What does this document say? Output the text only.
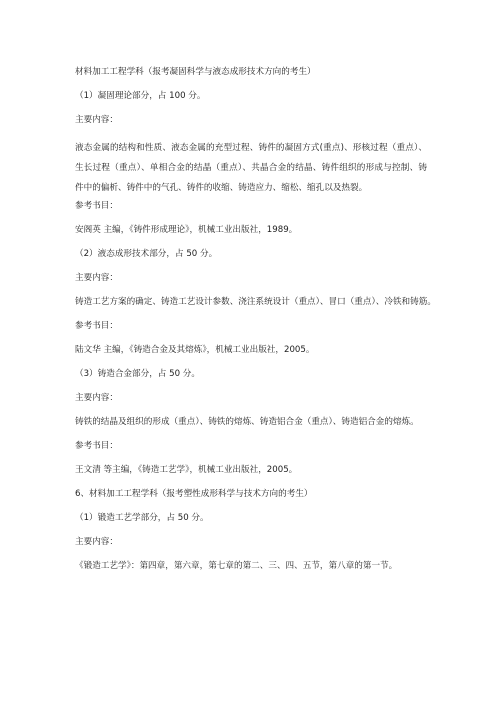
材料加工工程学科（报考凝固科学与液态成形技术方向的考生）

（1）凝固理论部分，占 100 分。

主要内容：

液态金属的结构和性质、液态金属的充型过程、铸件的凝固方式(重点)、形核过程（重点）、生长过程（重点）、单相合金的结晶（重点）、共晶合金的结晶、铸件组织的形成与控制、铸件中的偏析、铸件中的气孔、铸件的收缩、铸造应力、缩松、缩孔以及热裂。

参考书目：

安阁英 主编，《铸件形成理论》，机械工业出版社，1989。

（2）液态成形技术部分，占 50 分。

主要内容：

铸造工艺方案的确定、铸造工艺设计参数、浇注系统设计（重点）、冒口（重点）、冷铁和铸筋。

参考书目：

陆文华 主编，《铸造合金及其熔炼》，机械工业出版社，2005。

（3）铸造合金部分，占 50 分。

主要内容：

铸铁的结晶及组织的形成（重点）、铸铁的熔炼、铸造铝合金（重点）、铸造铝合金的熔炼。

参考书目：

王文清 等主编，《铸造工艺学》，机械工业出版社，2005。

6、材料加工工程学科（报考塑性成形科学与技术方向的考生）

（1）锻造工艺学部分，占 50 分。

主要内容：

《锻造工艺学》：第四章，第六章，第七章的第二、三、四、五节，第八章的第一节。
